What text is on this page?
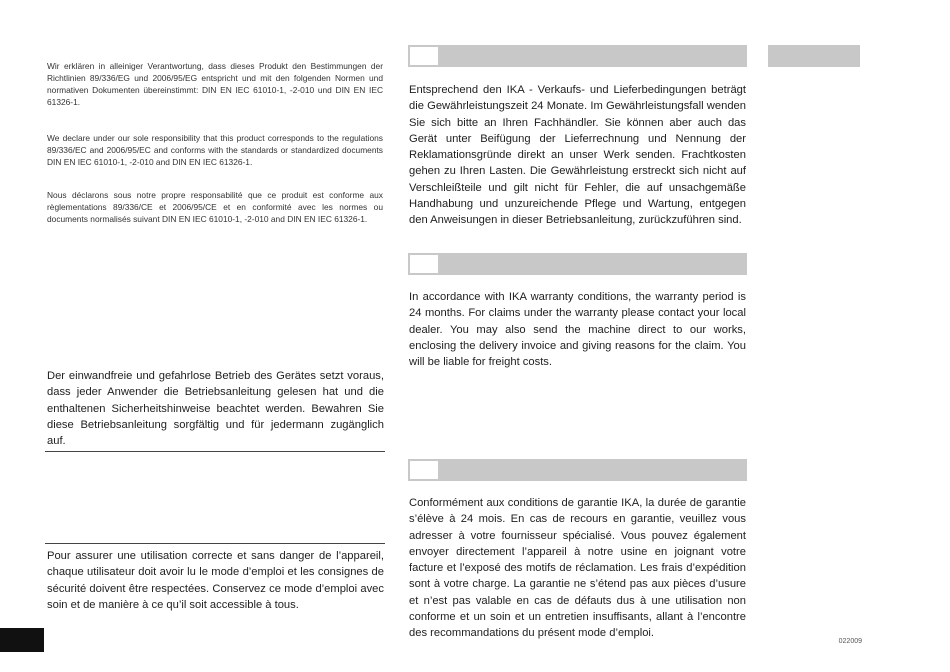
Wir erklären in alleiniger Verantwortung, dass dieses Produkt den Bestimmungen der Richtlinien 89/336/EG und 2006/95/EG entspricht und mit den folgenden Normen und normativen Dokumenten übereinstimmt: DIN EN IEC 61010-1, -2-010 und DIN EN IEC 61326-1.
We declare under our sole responsibility that this product corresponds to the regulations 89/336/EC and 2006/95/EC and conforms with the standards or standardized documents DIN EN IEC 61010-1, -2-010 and DIN EN IEC 61326-1.
Nous déclarons sous notre propre responsabilité que ce produit est conforme aux règlementations 89/336/CE et 2006/95/CE et en conformité avec les normes ou documents normalisés suivant DIN EN IEC 61010-1, -2-010 and DIN EN IEC 61326-1.
Der einwandfreie und gefahrlose Betrieb des Gerätes setzt voraus, dass jeder Anwender die Betriebsanleitung gelesen hat und die enthaltenen Sicherheitshinweise beachtet werden. Bewahren Sie diese Betriebsanleitung sorgfältig und für jedermann zugänglich auf.
Pour assurer une utilisation correcte et sans danger de l’appareil, chaque utilisateur doit avoir lu le mode d’emploi et les consignes de sécurité doivent être respectées. Conservez ce mode d’emploi avec soin et de manière à ce qu’il soit accessible à tous.
Entsprechend den IKA - Verkaufs- und Lieferbedingungen beträgt die Gewährleistungszeit 24 Monate. Im Gewährleistungsfall wenden Sie sich bitte an Ihren Fachhändler. Sie können aber auch das Gerät unter Beifügung der Lieferrechnung und Nennung der Reklamationsgründe direkt an unser Werk senden. Frachtkosten gehen zu Ihren Lasten. Die Gewährleistung erstreckt sich nicht auf Verschleißteile und gilt nicht für Fehler, die auf unsachgemäße Handhabung und unzureichende Pflege und Wartung, entgegen den Anweisungen in dieser Betriebsanleitung, zurückzuführen sind.
In accordance with IKA warranty conditions, the warranty period is 24 months. For claims under the warranty please contact your local dealer. You may also send the machine direct to our works, enclosing the delivery invoice and giving reasons for the claim. You will be liable for freight costs.
Conformément aux conditions de garantie IKA, la durée de garantie s’élève à 24 mois. En cas de recours en garantie, veuillez vous adresser à votre fournisseur spécialisé. Vous pouvez également envoyer directement l’appareil à notre usine en joignant votre facture et l’exposé des motifs de réclamation. Les frais d’expédition sont à votre charge. La garantie ne s’étend pas aux pièces d’usure et n’est pas valable en cas de défauts dus à une utilisation non conforme et un soin et un entretien insuffisants, allant à l’encontre des recommandations du présent mode d’emploi.
022009
